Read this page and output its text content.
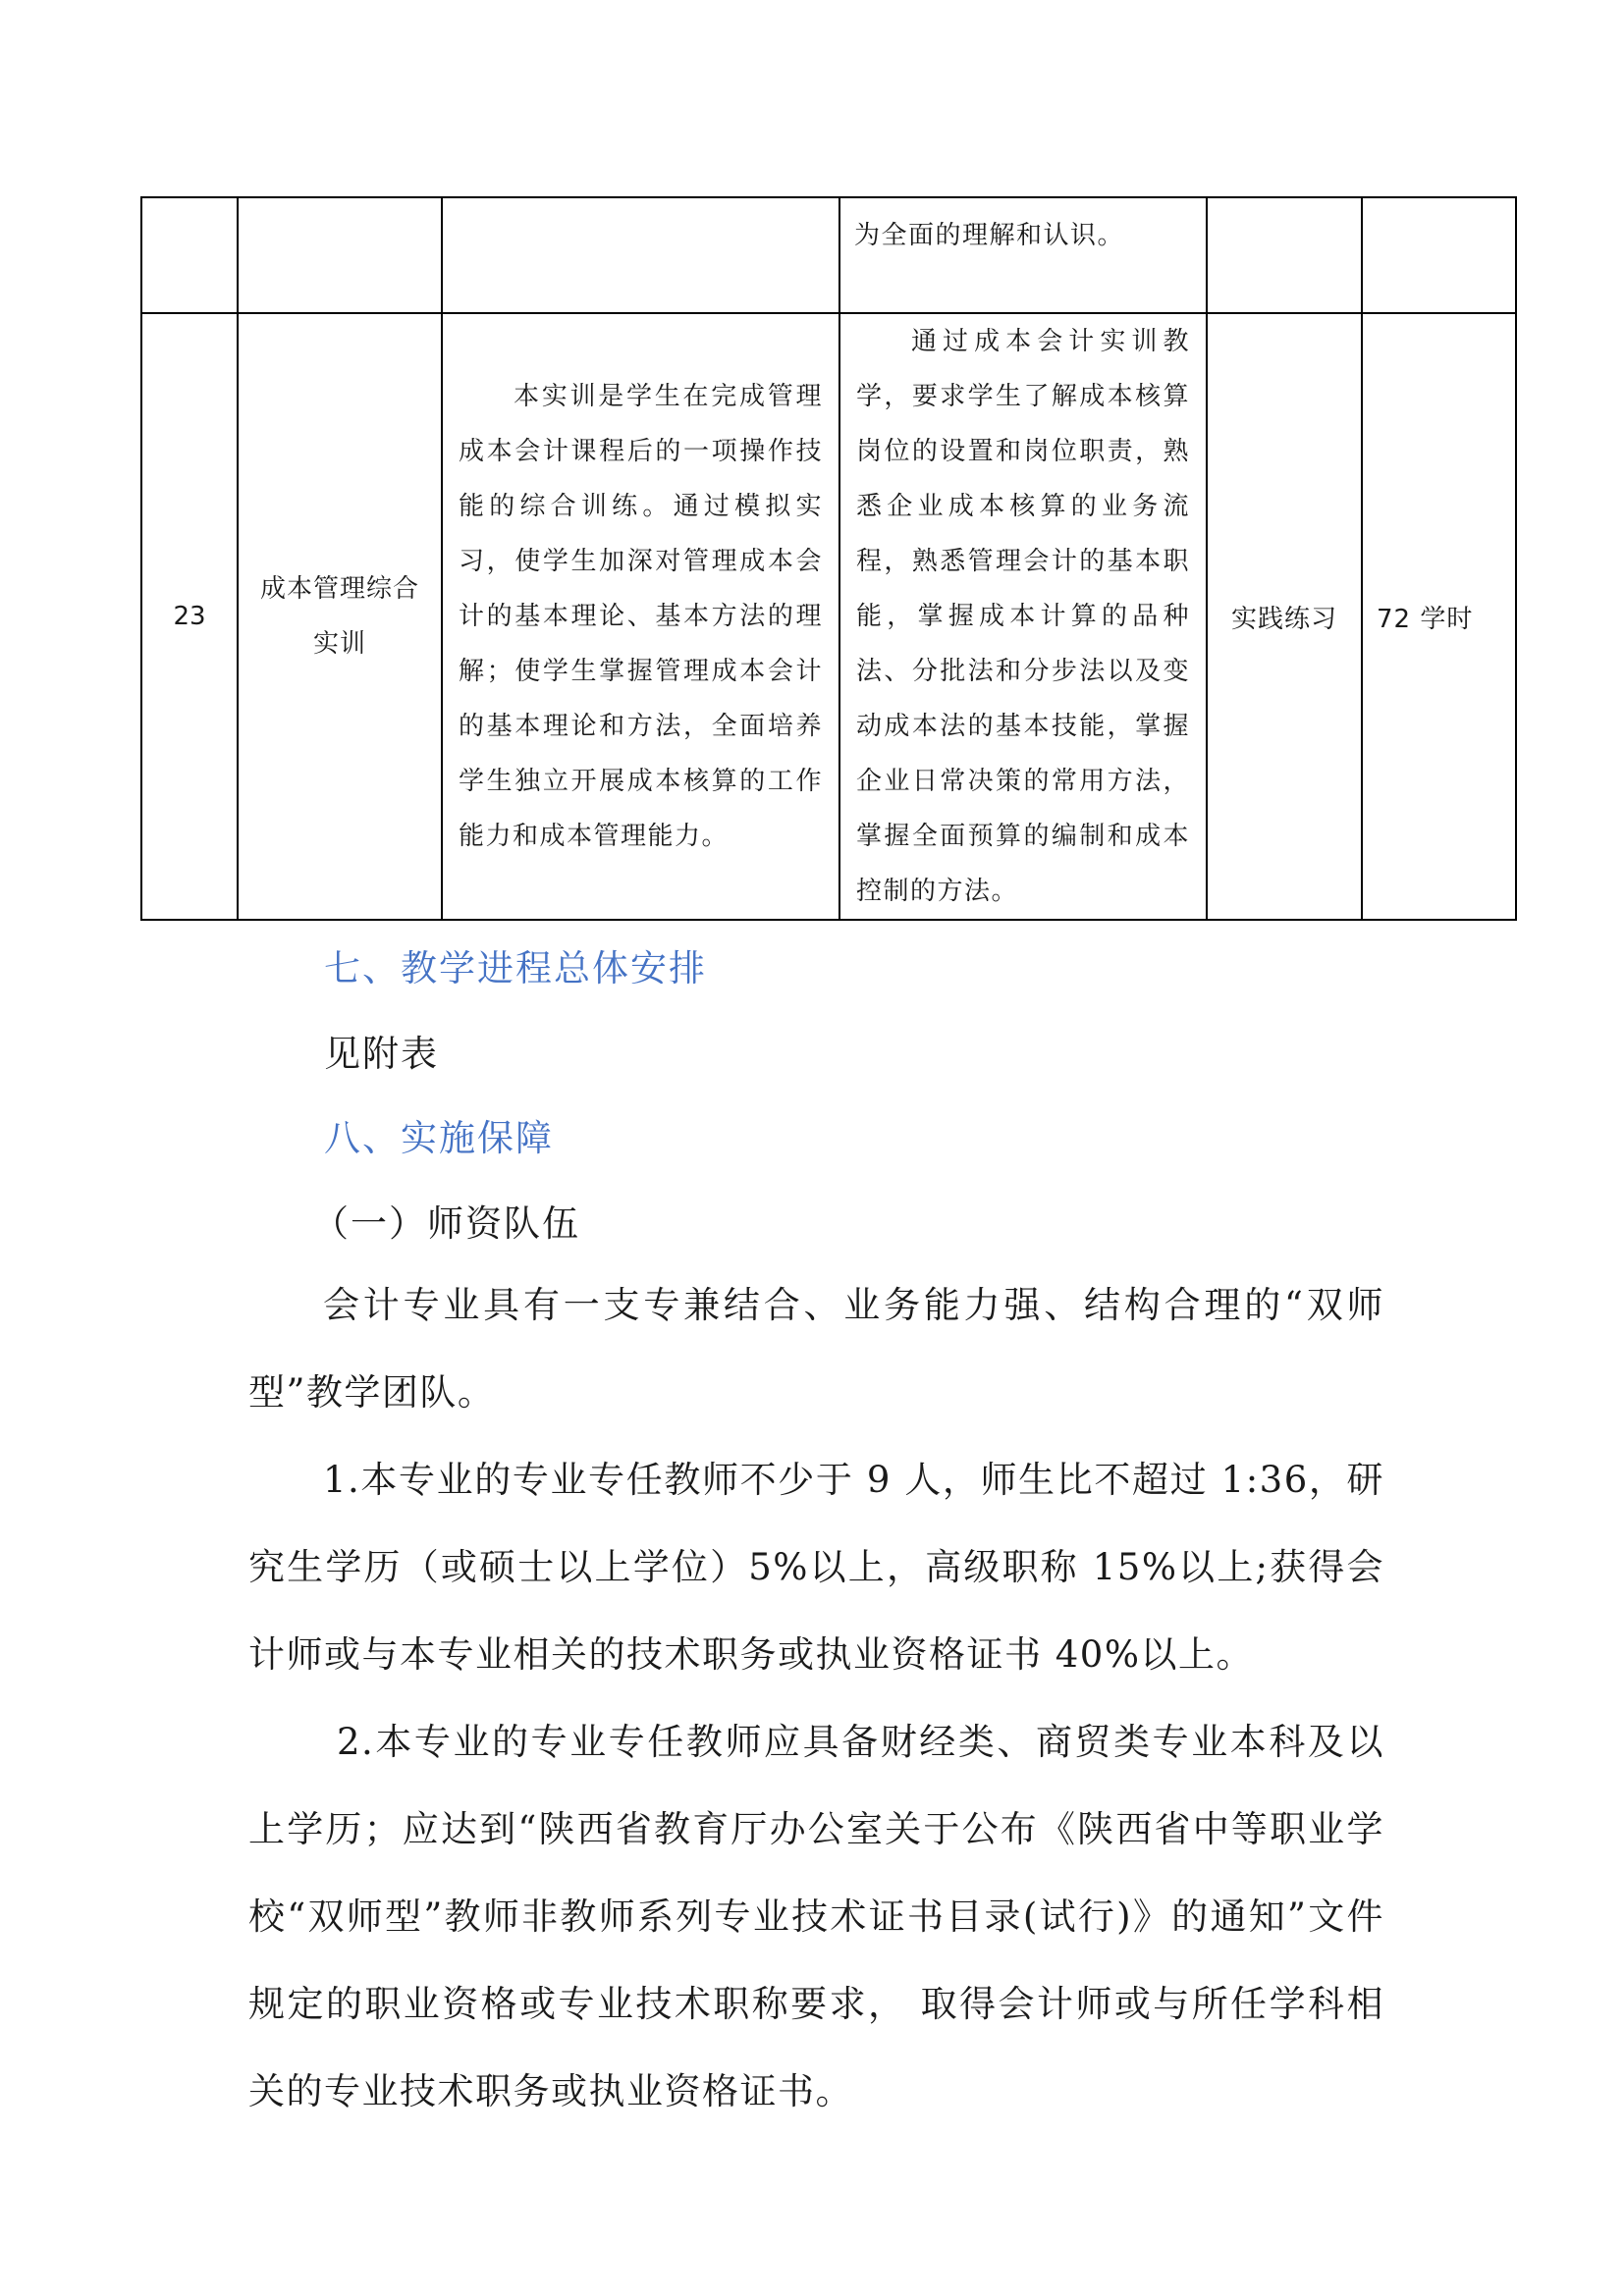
			为全面的理解和认识。		

23	成本管理综合实训	本实训是学生在完成管理成本会计课程后的一项操作技能的综合训练。通过模拟实习，使学生加深对管理成本会计的基本理论、基本方法的理解；使学生掌握管理成本会计的基本理论和方法，全面培养学生独立开展成本核算的工作能力和成本管理能力。	通过成本会计实训教学，要求学生了解成本核算岗位的设置和岗位职责，熟悉企业成本核算的业务流程，熟悉管理会计的基本职能，掌握成本计算的品种法、分批法和分步法以及变动成本法的基本技能，掌握企业日常决策的常用方法，掌握全面预算的编制和成本控制的方法。	实践练习	72 学时
七、教学进程总体安排
见附表
八、实施保障
（一）师资队伍

会计专业具有一支专兼结合、业务能力强、结构合理的“双师型”教学团队。

1.本专业的专业专任教师不少于 9 人，师生比不超过 1:36，研究生学历（或硕士以上学位）5%以上，高级职称 15%以上;获得会计师或与本专业相关的技术职务或执业资格证书 40%以上。

2.本专业的专业专任教师应具备财经类、商贸类专业本科及以上学历；应达到“陕西省教育厅办公室关于公布《陕西省中等职业学校“双师型”教师非教师系列专业技术证书目录(试行)》的通知”文件规定的职业资格或专业技术职称要求， 取得会计师或与所任学科相关的专业技术职务或执业资格证书。
